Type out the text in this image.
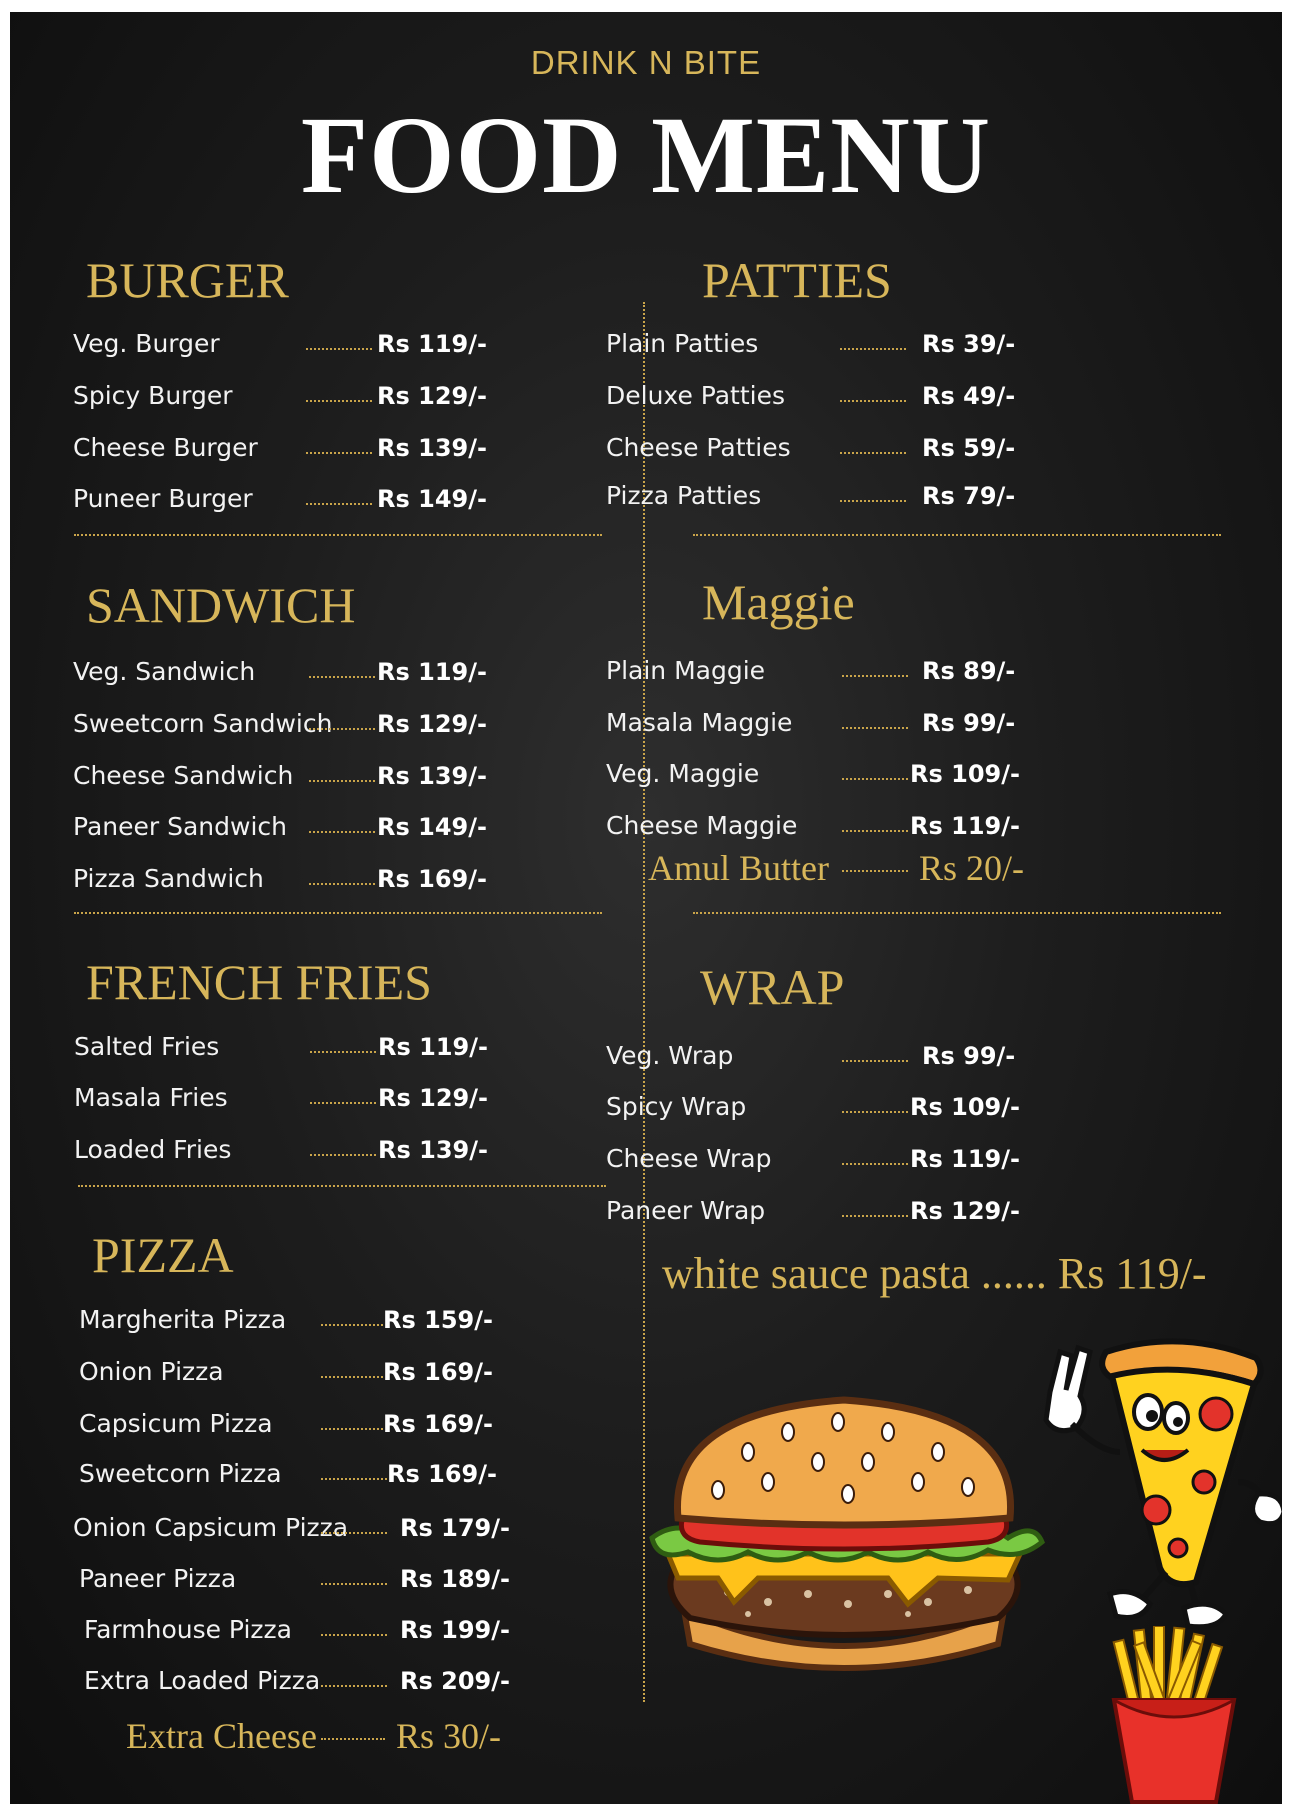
DRINK N BITE
FOOD MENU
BURGER
SANDWICH
FRENCH FRIES
PIZZA
PATTIES
Maggie
WRAP
Veg. Burger	Rs 119/-
Spicy Burger	Rs 129/-
Cheese Burger	Rs 139/-
Puneer Burger	Rs 149/-
Veg. Sandwich	Rs 119/-
Sweetcorn Sandwich Rs 129/-
Cheese Sandwich	Rs 139/-
Paneer Sandwich	Rs 149/-
Pizza Sandwich	Rs 169/-
Salted Fries	Rs 119/-
Masala Fries	Rs 129/-
Loaded Fries	Rs 139/-
Margherita Pizza	Rs 159/-
Onion Pizza	Rs 169/-
Capsicum Pizza	Rs 169/-
Sweetcorn Pizza	Rs 169/-
Onion Capsicum Pizza Rs 179/-
Paneer Pizza	Rs 189/-
Farmhouse Pizza	Rs 199/-
Extra Loaded Pizza	Rs 209/-
Extra Cheese Rs 30/-
Plain Patties	Rs 39/-
Deluxe Patties	Rs 49/-
Cheese Patties	Rs 59/-
Pizza Patties	Rs 79/-
Plain Maggie	Rs 89/-
Masala Maggie	Rs 99/-
Veg. Maggie	Rs 109/-
Cheese Maggie	Rs 119/-
Amul Butter	Rs 20/-
Veg. Wrap	Rs 99/-
Spicy Wrap	Rs 109/-
Cheese Wrap	Rs 119/-
Paneer Wrap	Rs 129/-
white sauce pasta ...... Rs 119/-
